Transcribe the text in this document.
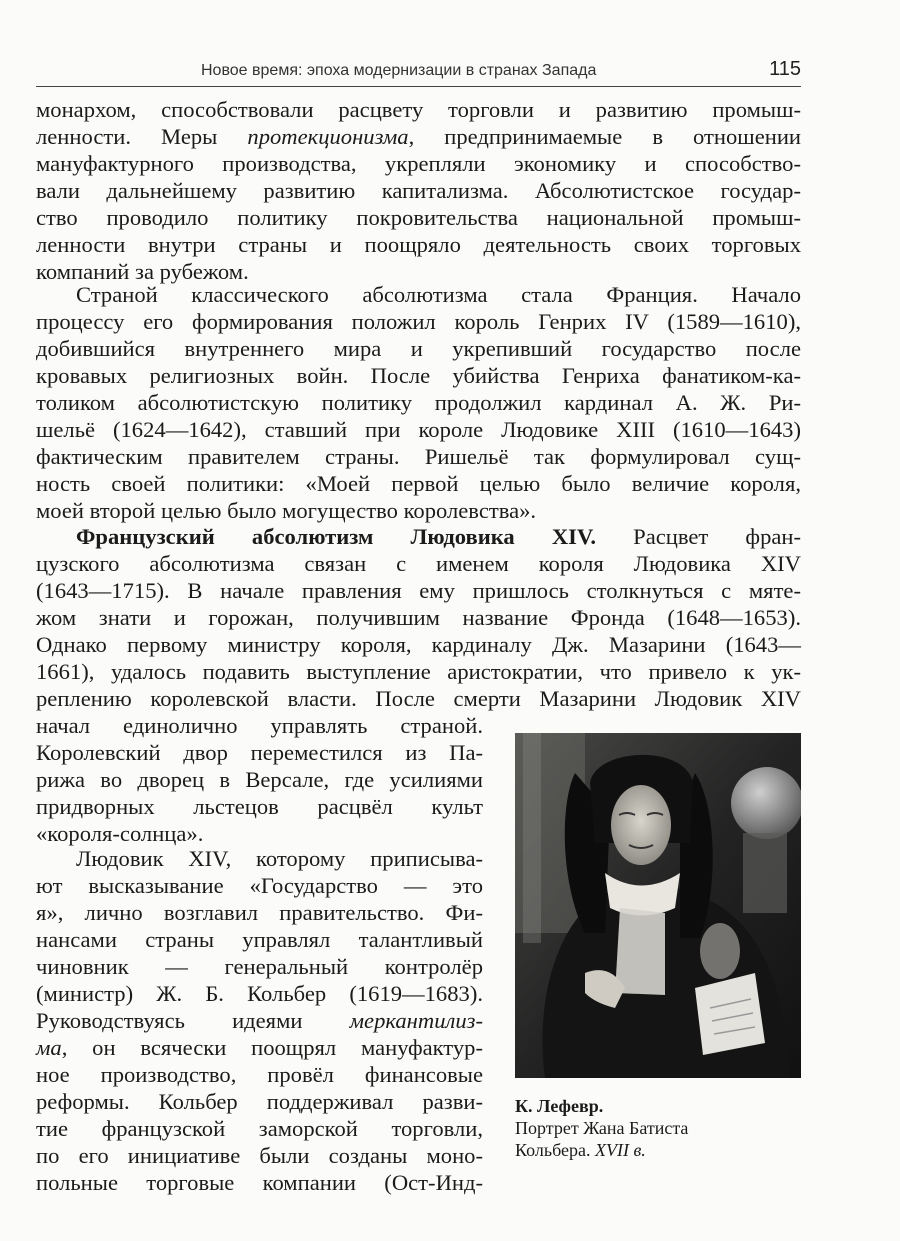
Новое время: эпоха модернизации в странах Запада	115
монархом, способствовали расцвету торговли и развитию промыш-
ленности. Меры протекционизма, предпринимаемые в отношении
мануфактурного производства, укрепляли экономику и способство-
вали дальнейшему развитию капитализма. Абсолютистское государ-
ство проводило политику покровительства национальной промыш-
ленности внутри страны и поощряло деятельность своих торговых
компаний за рубежом.
Страной классического абсолютизма стала Франция. Начало
процессу его формирования положил король Генрих IV (1589—1610),
добившийся внутреннего мира и укрепивший государство после
кровавых религиозных войн. После убийства Генриха фанатиком-ка-
толиком абсолютистскую политику продолжил кардинал А. Ж. Ри-
шельё (1624—1642), ставший при короле Людовике XIII (1610—1643)
фактическим правителем страны. Ришельё так формулировал сущ-
ность своей политики: «Моей первой целью было величие короля,
моей второй целью было могущество королевства».
Французский абсолютизм Людовика XIV. Расцвет фран-
цузского абсолютизма связан с именем короля Людовика XIV
(1643—1715). В начале правления ему пришлось столкнуться с мяте-
жом знати и горожан, получившим название Фронда (1648—1653).
Однако первому министру короля, кардиналу Дж. Мазарини (1643—
1661), удалось подавить выступление аристократии, что привело к ук-
реплению королевской власти. После смерти Мазарини Людовик XIV
начал единолично управлять страной.
Королевский двор переместился из Па-
рижа во дворец в Версале, где усилиями
придворных льстецов расцвёл культ
«короля-солнца».
Людовик XIV, которому приписыва-
ют высказывание «Государство — это
я», лично возглавил правительство. Фи-
нансами страны управлял талантливый
чиновник — генеральный контролёр
(министр) Ж. Б. Кольбер (1619—1683).
Руководствуясь идеями меркантилиз-
ма, он всячески поощрял мануфактур-
ное производство, провёл финансовые
реформы. Кольбер поддерживал разви-
тие французской заморской торговли,
по его инициативе были созданы моно-
польные торговые компании (Ост-Инд-
К. Лефевр.
Портрет Жана Батиста
Кольбера. XVII в.
